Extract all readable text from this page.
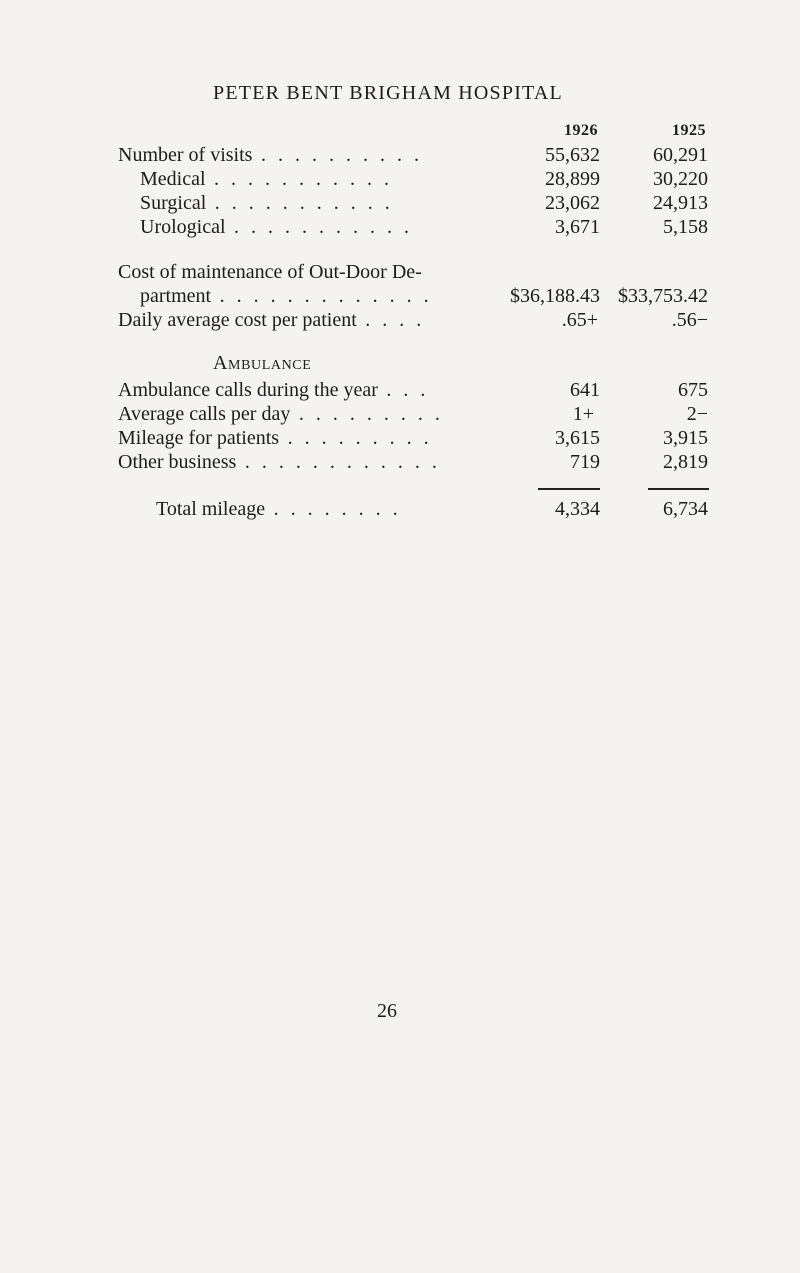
PETER BENT BRIGHAM HOSPITAL
1926	1925
Number of visits . . . . . . . . . .	55,632	60,291
Medical . . . . . . . . . . .	28,899	30,220
Surgical . . . . . . . . . . .	23,062	24,913
Urological . . . . . . . . . . .	3,671	5,158
Cost of maintenance of Out-Door De-
partment . . . . . . . . . . . . .	$36,188.43 $33,753.42
Daily average cost per patient . . . .	.65+	.56−
Ambulance
Ambulance calls during the year . . .	641	675
Average calls per day . . . . . . . . .	1+	2−
Mileage for patients . . . . . . . . .	3,615	3,915
Other business . . . . . . . . . . . .	719	2,819
Total mileage . . . . . . . .	4,334	6,734
26
